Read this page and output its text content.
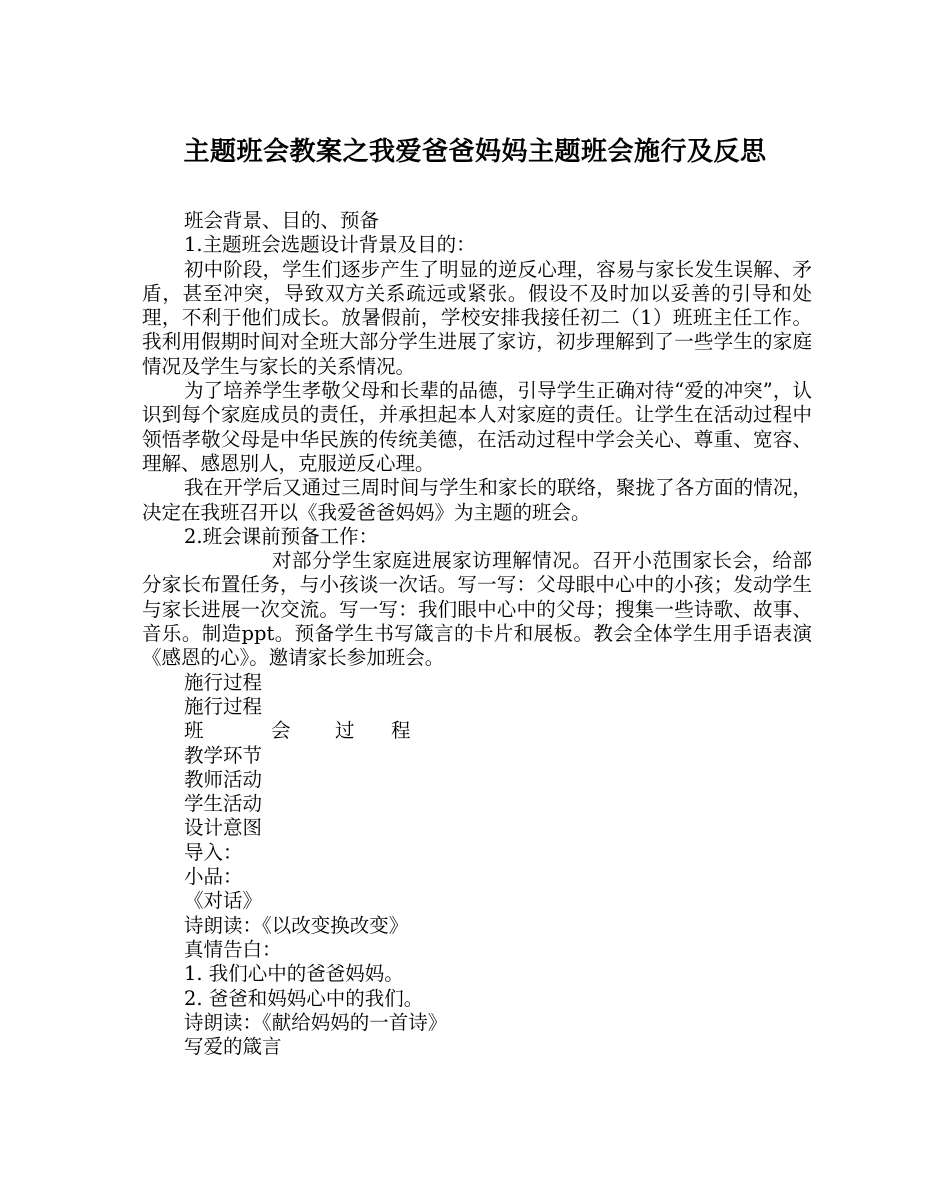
主题班会教案之我爱爸爸妈妈主题班会施行及反思

班会背景、目的、预备

1.主题班会选题设计背景及目的：

初中阶段，学生们逐步产生了明显的逆反心理，容易与家长发生误解、矛盾，甚至冲突，导致双方关系疏远或紧张。假设不及时加以妥善的引导和处理，不利于他们成长。放暑假前，学校安排我接任初二（1）班班主任工作。我利用假期时间对全班大部分学生进展了家访，初步理解到了一些学生的家庭情况及学生与家长的关系情况。

为了培养学生孝敬父母和长辈的品德，引导学生正确对待“爱的冲突”，认识到每个家庭成员的责任，并承担起本人对家庭的责任。让学生在活动过程中领悟孝敬父母是中华民族的传统美德，在活动过程中学会关心、尊重、宽容、理解、感恩别人，克服逆反心理。

我在开学后又通过三周时间与学生和家长的联络，聚拢了各方面的情况，决定在我班召开以《我爱爸爸妈妈》为主题的班会。

2.班会课前预备工作：

对部分学生家庭进展家访理解情况。召开小范围家长会，给部分家长布置任务，与小孩谈一次话。写一写：父母眼中心中的小孩；发动学生与家长进展一次交流。写一写：我们眼中心中的父母；搜集一些诗歌、故事、音乐。制造ppt。预备学生书写箴言的卡片和展板。教会全体学生用手语表演《感恩的心》。邀请家长参加班会。

施行过程

施行过程

班	会 过 程

教学环节

教师活动

学生活动

设计意图

导入：

小品：

《对话》

诗朗读：《以改变换改变》

真情告白：

1. 我们心中的爸爸妈妈。

2. 爸爸和妈妈心中的我们。

诗朗读：《献给妈妈的一首诗》

写爱的箴言
